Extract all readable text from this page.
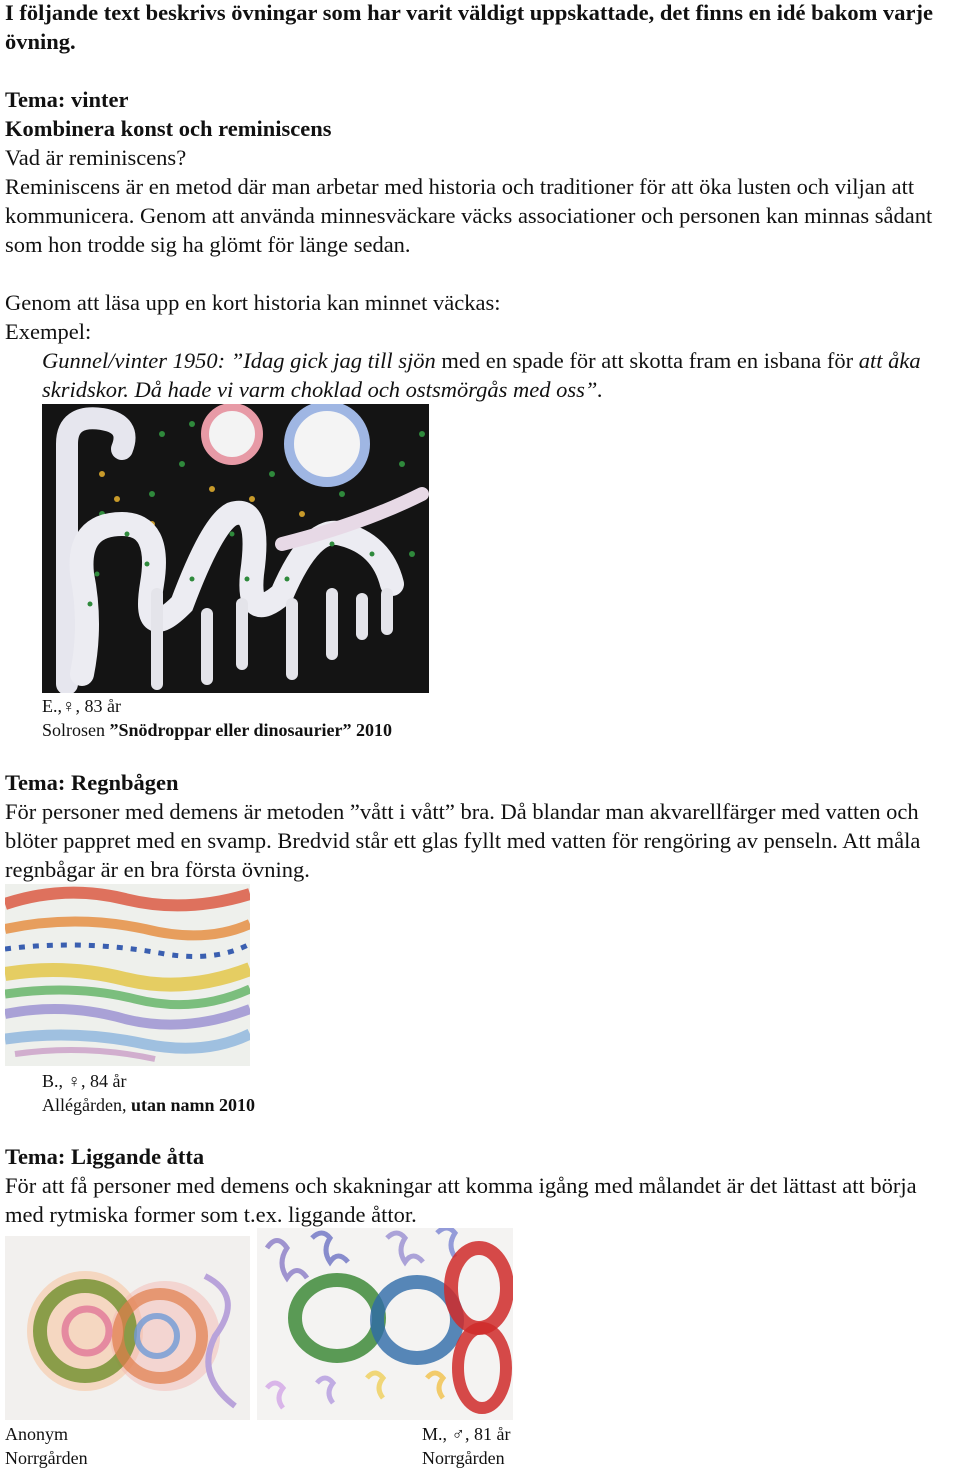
I följande text beskrivs övningar som har varit väldigt uppskattade, det finns en idé bakom varje övning.

Tema: vinter

Kombinera konst och reminiscens

Vad är reminiscens?

Reminiscens är en metod där man arbetar med historia och traditioner för att öka lusten och viljan att kommunicera. Genom att använda minnesväckare väcks associationer och personen kan minnas sådant som hon trodde sig ha glömt för länge sedan.

Genom att läsa upp en kort historia kan minnet väckas:

Exempel:

Gunnel/vinter 1950: ”Idag gick jag till sjön med en spade för att skotta fram en isbana för att åka skridskor. Då hade vi varm choklad och ostsmörgås med oss”.

E.,♀, 83 år

Solrosen ”Snödroppar eller dinosaurier” 2010

Tema: Regnbågen

För personer med demens är metoden ”vått i vått” bra. Då blandar man akvarellfärger med vatten och blöter pappret med en svamp. Bredvid står ett glas fyllt med vatten för rengöring av penseln. Att måla regnbågar är en bra första övning.

B., ♀, 84 år

Allégården, utan namn 2010

Tema: Liggande åtta

För att få personer med demens och skakningar att komma igång med målandet är det lättast att börja med rytmiska former som t.ex. liggande åttor.

Anonym

Norrgården

M., ♂, 81 år

Norrgården
